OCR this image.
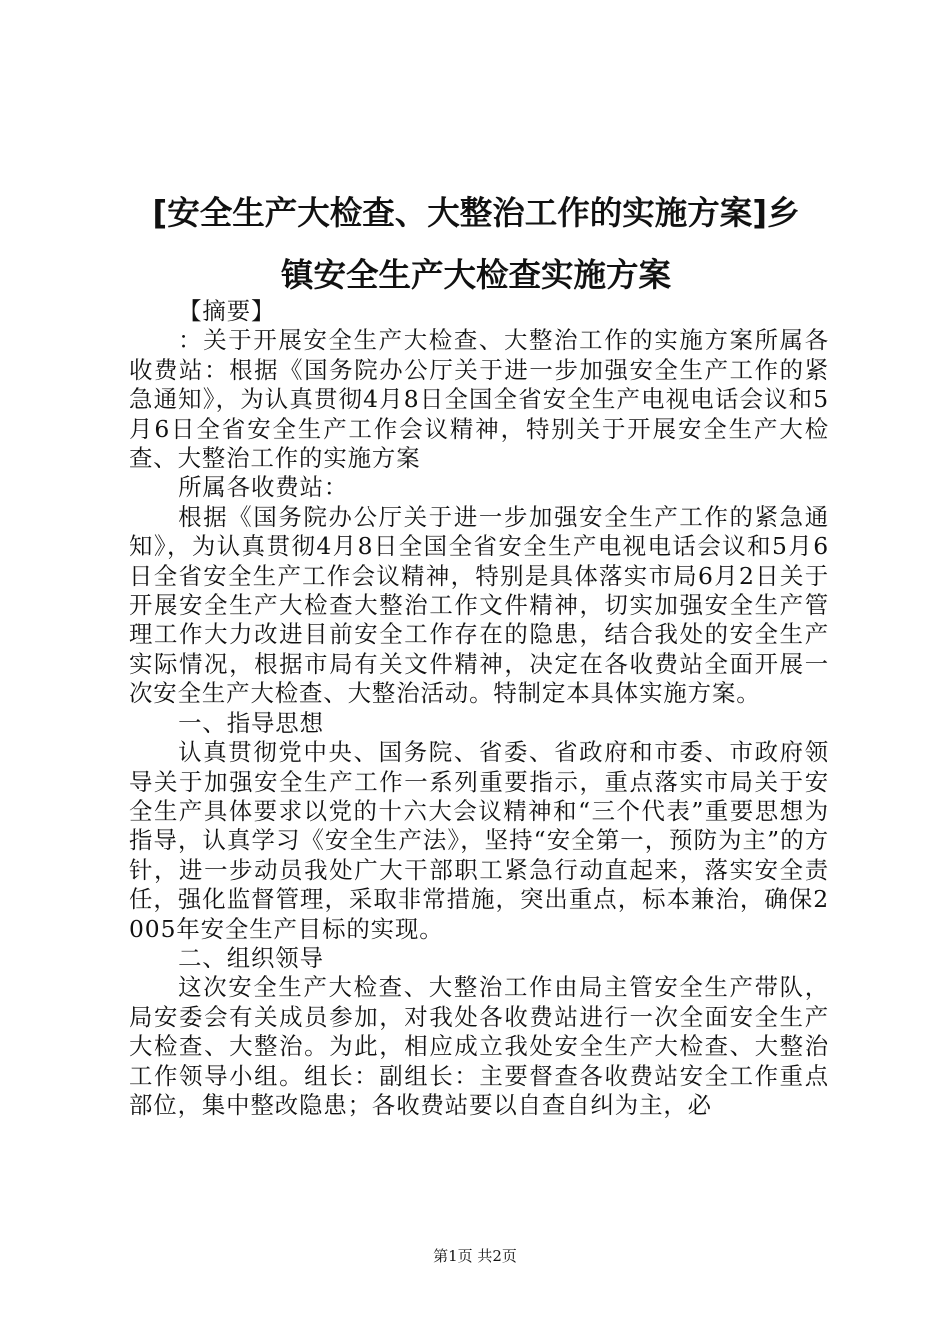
[安全生产大检查、大整治工作的实施方案]乡
镇安全生产大检查实施方案

【摘要】

：关于开展安全生产大检查、大整治工作的实施方案所属各收费站：根据《国务院办公厅关于进一步加强安全生产工作的紧急通知》，为认真贯彻4月8日全国全省安全生产电视电话会议和5月6日全省安全生产工作会议精神，特别关于开展安全生产大检查、大整治工作的实施方案

所属各收费站：

根据《国务院办公厅关于进一步加强安全生产工作的紧急通知》，为认真贯彻4月8日全国全省安全生产电视电话会议和5月6日全省安全生产工作会议精神，特别是具体落实市局6月2日关于开展安全生产大检查大整治工作文件精神，切实加强安全生产管理工作大力改进目前安全工作存在的隐患，结合我处的安全生产实际情况，根据市局有关文件精神，决定在各收费站全面开展一次安全生产大检查、大整治活动。特制定本具体实施方案。

一、指导思想

认真贯彻党中央、国务院、省委、省政府和市委、市政府领导关于加强安全生产工作一系列重要指示，重点落实市局关于安全生产具体要求以党的十六大会议精神和“三个代表”重要思想为指导，认真学习《安全生产法》，坚持“安全第一，预防为主”的方针，进一步动员我处广大干部职工紧急行动直起来，落实安全责任，强化监督管理，采取非常措施，突出重点，标本兼治，确保2005年安全生产目标的实现。

二、组织领导

这次安全生产大检查、大整治工作由局主管安全生产带队，局安委会有关成员参加，对我处各收费站进行一次全面安全生产大检查、大整治。为此，相应成立我处安全生产大检查、大整治工作领导小组。组长：副组长：主要督查各收费站安全工作重点部位，集中整改隐患；各收费站要以自查自纠为主，必

第1页 共2页
